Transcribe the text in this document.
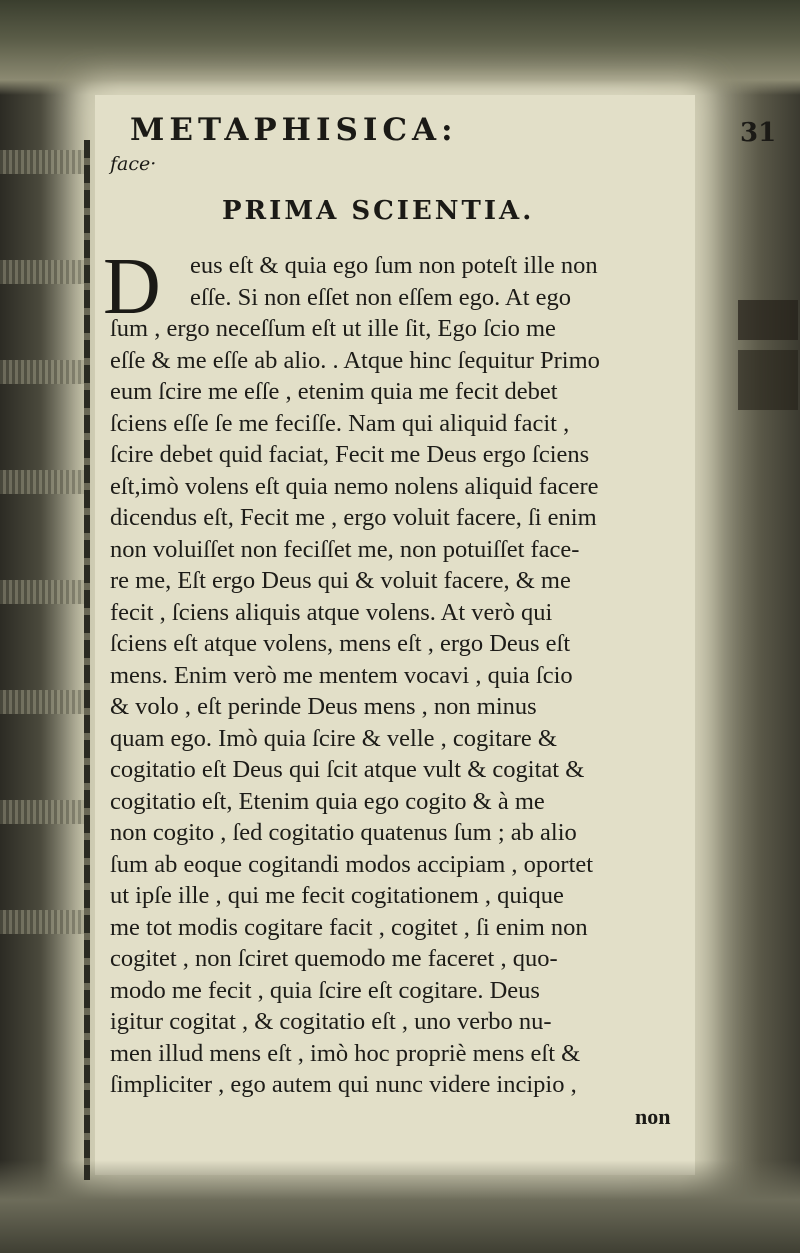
METAPHISICA:	31
face·
PRIMA SCIENTIA.
D	eus eſt & quia ego ſum non poteſt ille non
eſſe. Si non eſſet non eſſem ego. At ego
ſum , ergo neceſſum eſt ut ille ſit, Ego ſcio me
eſſe & me eſſe ab alio. . Atque hinc ſequitur Primo
eum ſcire me eſſe , etenim quia me fecit debet
ſciens eſſe ſe me feciſſe. Nam qui aliquid facit ,
ſcire debet quid faciat, Fecit me Deus ergo ſciens
eſt,imò volens eſt quia nemo nolens aliquid facere
dicendus eſt, Fecit me , ergo voluit facere, ſi enim
non voluiſſet non feciſſet me, non potuiſſet face-
re me, Eſt ergo Deus qui & voluit facere, & me
fecit , ſciens aliquis atque volens. At verò qui
ſciens eſt atque volens, mens eſt , ergo Deus eſt
mens. Enim verò me mentem vocavi , quia ſcio
& volo , eſt perinde Deus mens , non minus
quam ego. Imò quia ſcire & velle , cogitare &
cogitatio eſt Deus qui ſcit atque vult & cogitat &
cogitatio eſt, Etenim quia ego cogito & à me
non cogito , ſed cogitatio quatenus ſum ; ab alio
ſum ab eoque cogitandi modos accipiam , oportet
ut ipſe ille , qui me fecit cogitationem , quique
me tot modis cogitare facit , cogitet , ſi enim non
cogitet , non ſciret quemodo me faceret , quo-
modo me fecit , quia ſcire eſt cogitare. Deus
igitur cogitat , & cogitatio eſt , uno verbo nu-
men illud mens eſt , imò hoc propriè mens eſt &
ſimpliciter , ego autem qui nunc videre incipio ,
non
